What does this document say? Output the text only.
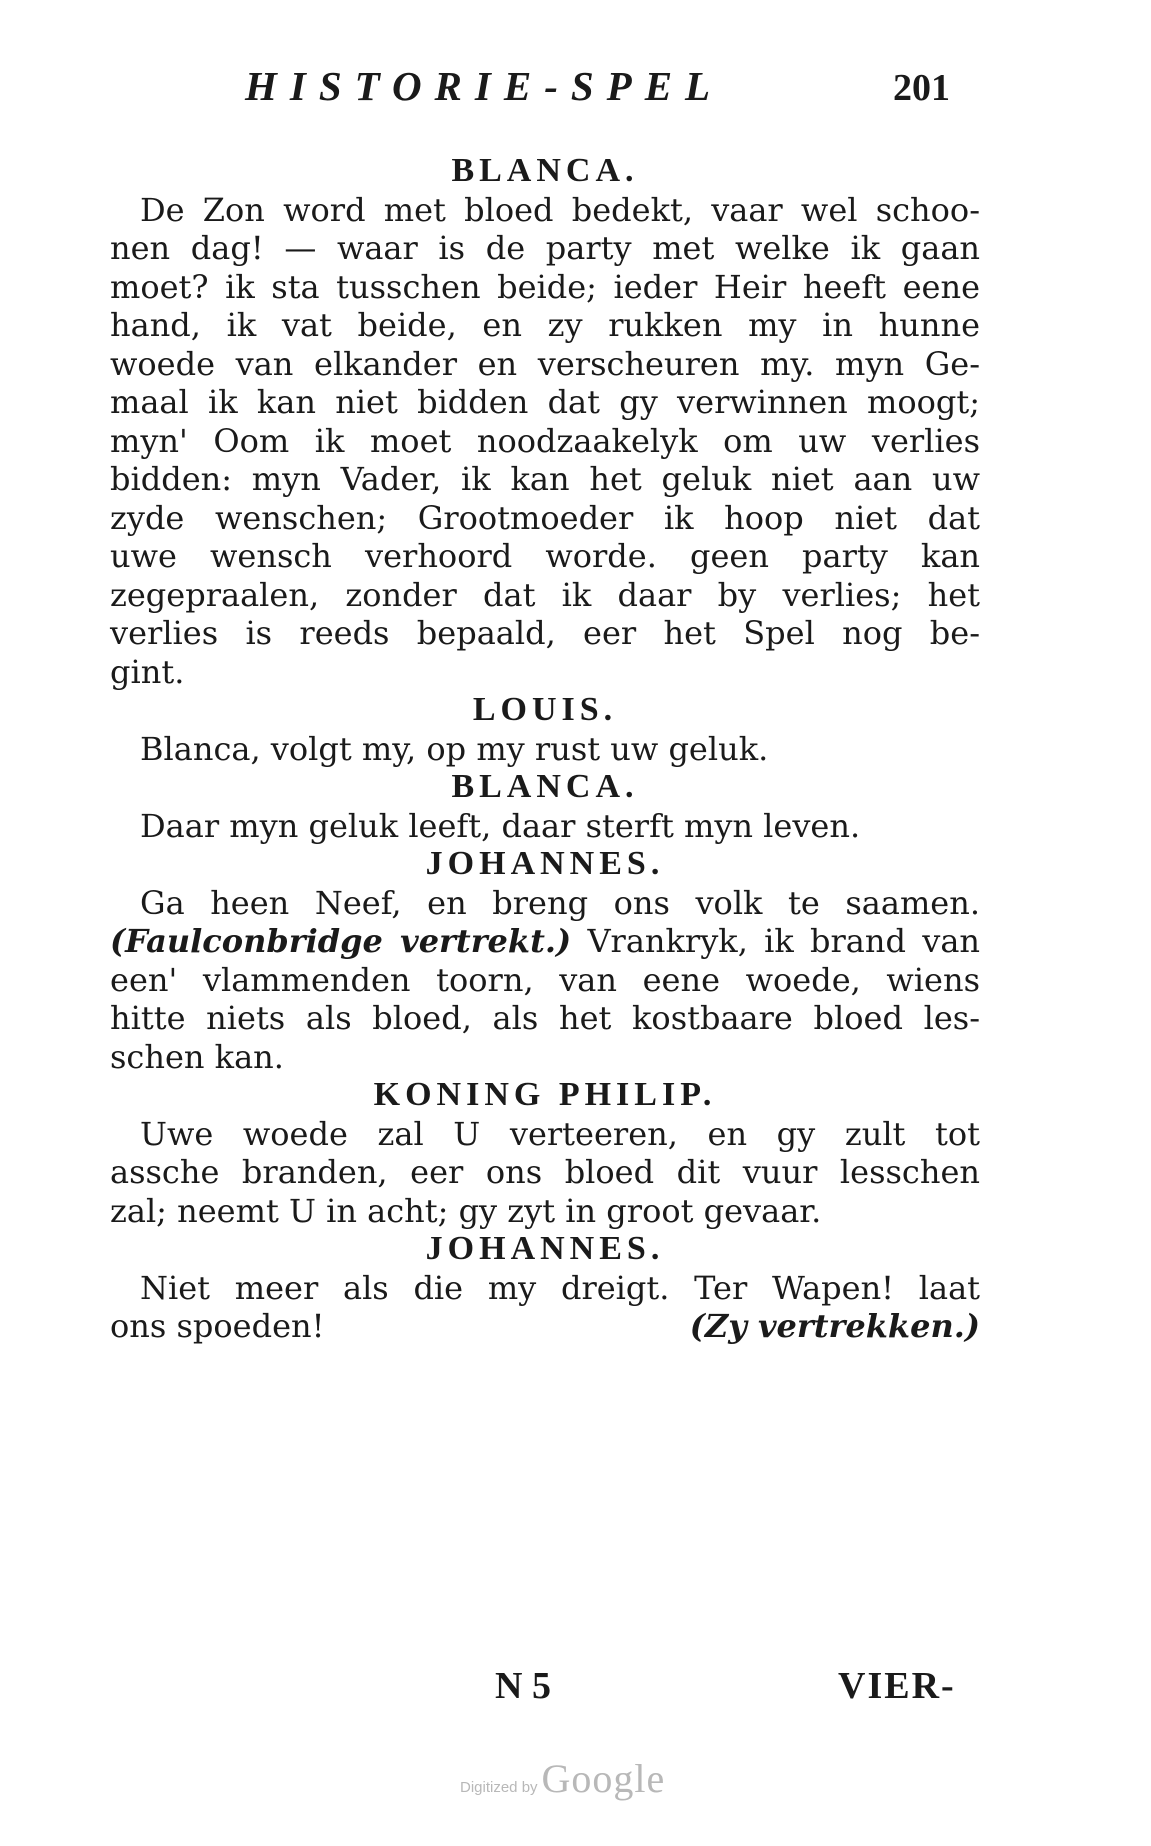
HISTORIE-SPEL	201
BLANCA.
De Zon word met bloed bedekt, vaar wel schoo-
nen dag! — waar is de party met welke ik gaan
moet? ik sta tusschen beide; ieder Heir heeft eene
hand, ik vat beide, en zy rukken my in hunne
woede van elkander en verscheuren my. myn Ge-
maal ik kan niet bidden dat gy verwinnen moogt;
myn' Oom ik moet noodzaakelyk om uw verlies
bidden: myn Vader, ik kan het geluk niet aan uw
zyde wenschen; Grootmoeder ik hoop niet dat
uwe wensch verhoord worde. geen party kan
zegepraalen, zonder dat ik daar by verlies; het
verlies is reeds bepaald, eer het Spel nog be-
gint.
LOUIS.
Blanca, volgt my, op my rust uw geluk.
BLANCA.
Daar myn geluk leeft, daar sterft myn leven.
JOHANNES.
Ga heen Neef, en breng ons volk te saamen.
(Faulconbridge vertrekt.) Vrankryk, ik brand van
een' vlammenden toorn, van eene woede, wiens
hitte niets als bloed, als het kostbaare bloed les-
schen kan.
KONING PHILIP.
Uwe woede zal U verteeren, en gy zult tot
assche branden, eer ons bloed dit vuur lesschen
zal; neemt U in acht; gy zyt in groot gevaar.
JOHANNES.
Niet meer als die my dreigt. Ter Wapen! laat
ons spoeden!	(Zy vertrekken.)
N 5	VIER-
Digitized by Google
